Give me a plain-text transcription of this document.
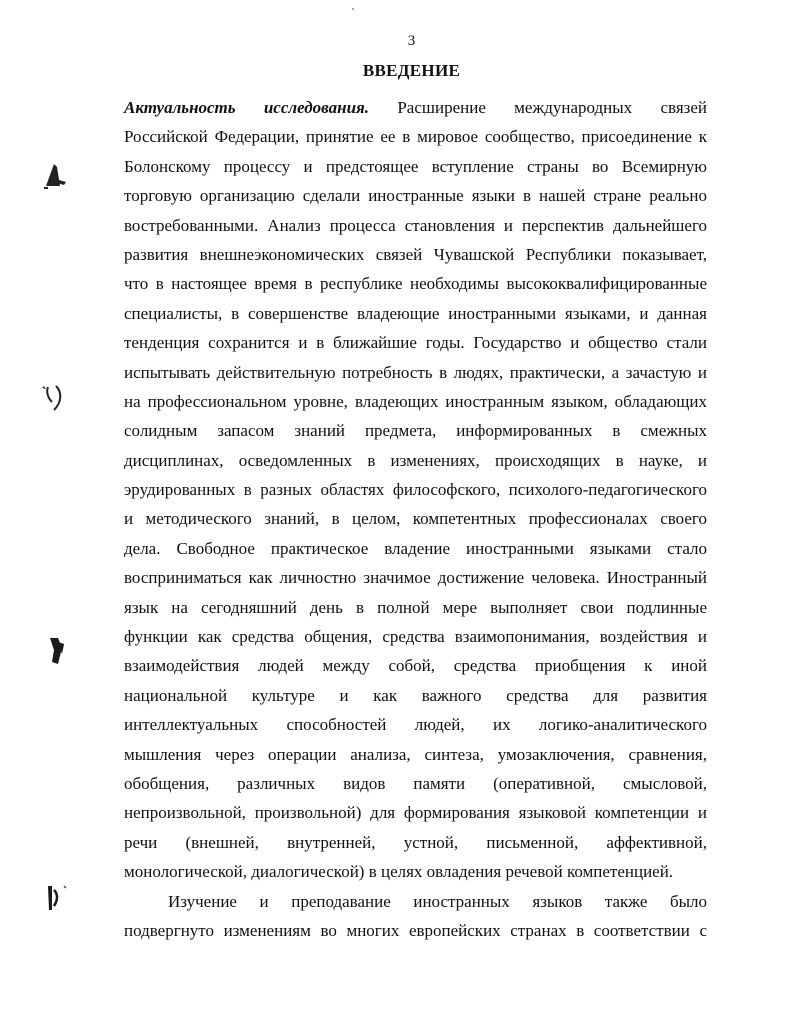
3
ВВЕДЕНИЕ
Актуальность исследования. Расширение международных связей
Российской Федерации, принятие ее в мировое сообщество, присоединение к
Болонскому процессу и предстоящее вступление страны во Всемирную
торговую организацию сделали иностранные языки в нашей стране реально
востребованными. Анализ процесса становления и перспектив дальнейшего
развития внешнеэкономических связей Чувашской Республики показывает,
что в настоящее время в республике необходимы высококвалифицированные
специалисты, в совершенстве владеющие иностранными языками, и данная
тенденция сохранится и в ближайшие годы. Государство и общество стали
испытывать действительную потребность в людях, практически, а зачастую и
на профессиональном уровне, владеющих иностранным языком, обладающих
солидным запасом знаний предмета, информированных в смежных
дисциплинах, осведомленных в изменениях, происходящих в науке, и
эрудированных в разных областях философского, психолого-педагогического
и методического знаний, в целом, компетентных профессионалах своего
дела. Свободное практическое владение иностранными языками стало
восприниматься как личностно значимое достижение человека. Иностранный
язык на сегодняшний день в полной мере выполняет свои подлинные
функции как средства общения, средства взаимопонимания, воздействия и
взаимодействия людей между собой, средства приобщения к иной
национальной культуре и как важного средства для развития
интеллектуальных способностей людей, их логико-аналитического
мышления через операции анализа, синтеза, умозаключения, сравнения,
обобщения, различных видов памяти (оперативной, смысловой,
непроизвольной, произвольной) для формирования языковой компетенции и
речи (внешней, внутренней, устной, письменной, аффективной,
монологической, диалогической) в целях овладения речевой компетенцией.
Изучение и преподавание иностранных языков также было
подвергнуто изменениям во многих европейских странах в соответствии с
